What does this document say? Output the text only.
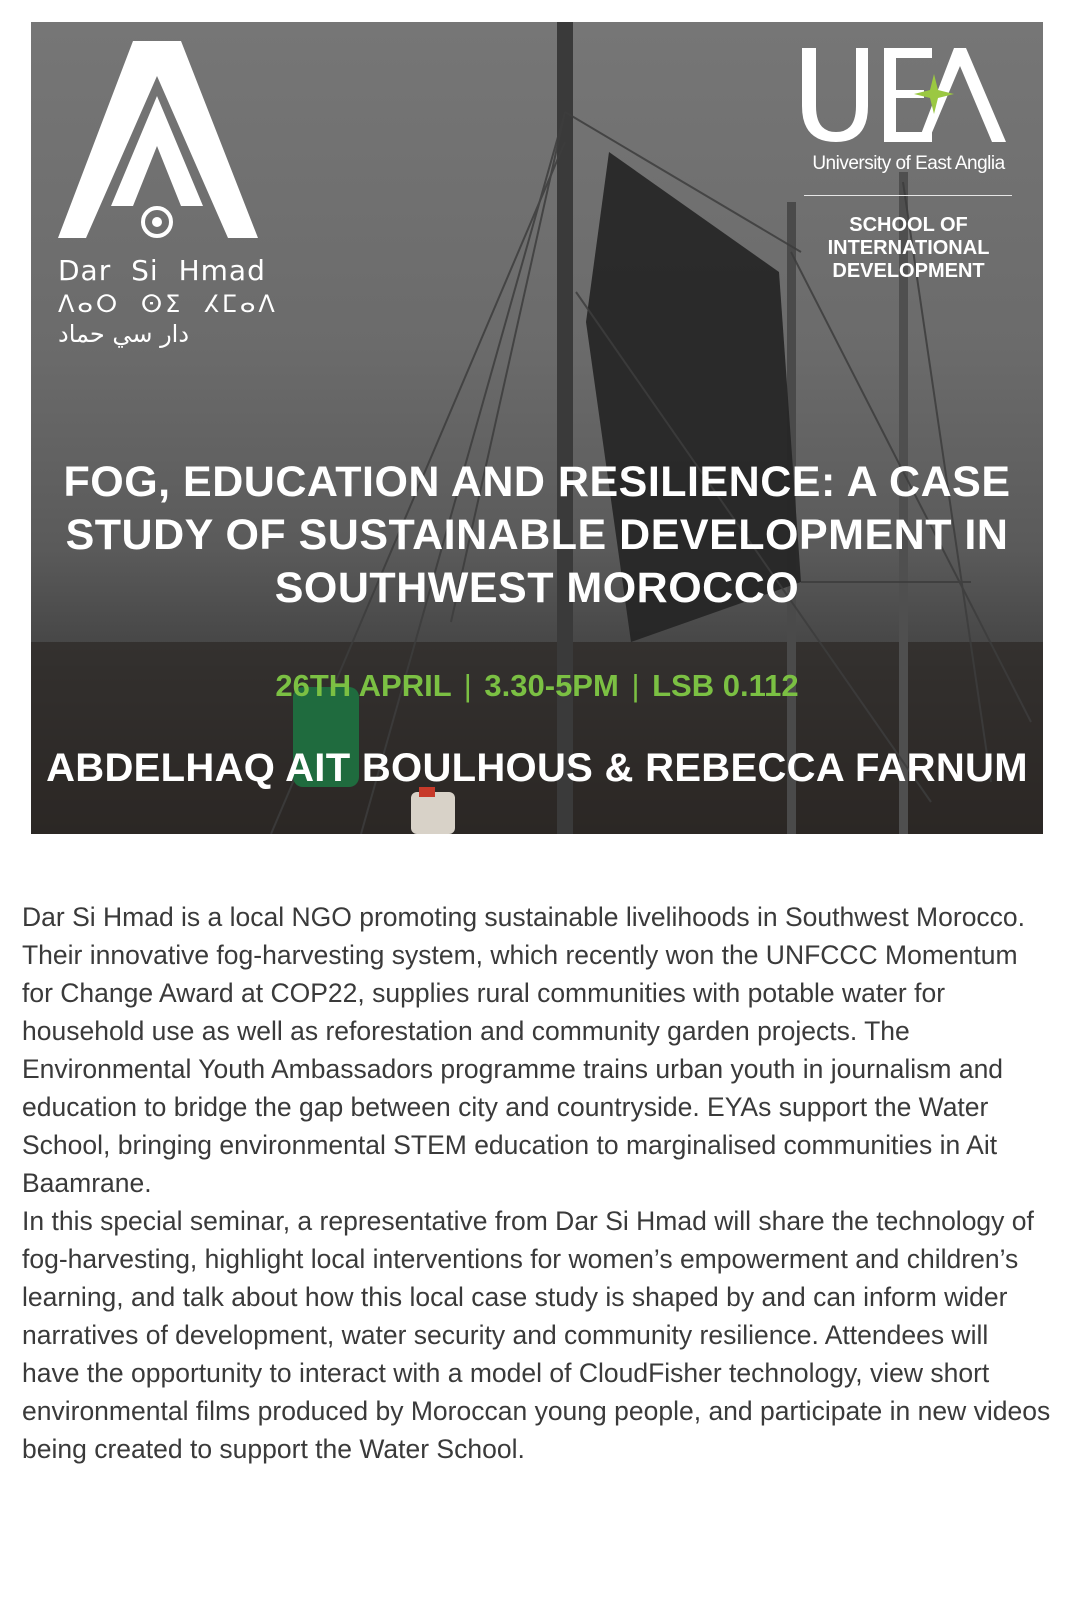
Dar Si Hmad
ⴷⴰⵔ ⵙⵉ ⵃⵎⴰⴷ
دار سي حماد
University of East Anglia
SCHOOL OF
INTERNATIONAL
DEVELOPMENT
FOG, EDUCATION AND RESILIENCE: A CASE STUDY OF SUSTAINABLE DEVELOPMENT IN SOUTHWEST MOROCCO
26TH APRIL | 3.30-5PM | LSB 0.112
ABDELHAQ AIT BOULHOUS & REBECCA FARNUM

Dar Si Hmad is a local NGO promoting sustainable livelihoods in Southwest Morocco. Their innovative fog-harvesting system, which recently won the UNFCCC Momentum for Change Award at COP22, supplies rural communities with potable water for household use as well as reforestation and community garden projects. The Environmental Youth Ambassadors programme trains urban youth in journalism and education to bridge the gap between city and countryside. EYAs support the Water School, bringing environmental STEM education to marginalised communities in Ait Baamrane.

In this special seminar, a representative from Dar Si Hmad will share the technology of fog-harvesting, highlight local interventions for women’s empowerment and children’s learning, and talk about how this local case study is shaped by and can inform wider narratives of development, water security and community resilience. Attendees will have the opportunity to interact with a model of CloudFisher technology, view short environmental films produced by Moroccan young people, and participate in new videos being created to support the Water School.
